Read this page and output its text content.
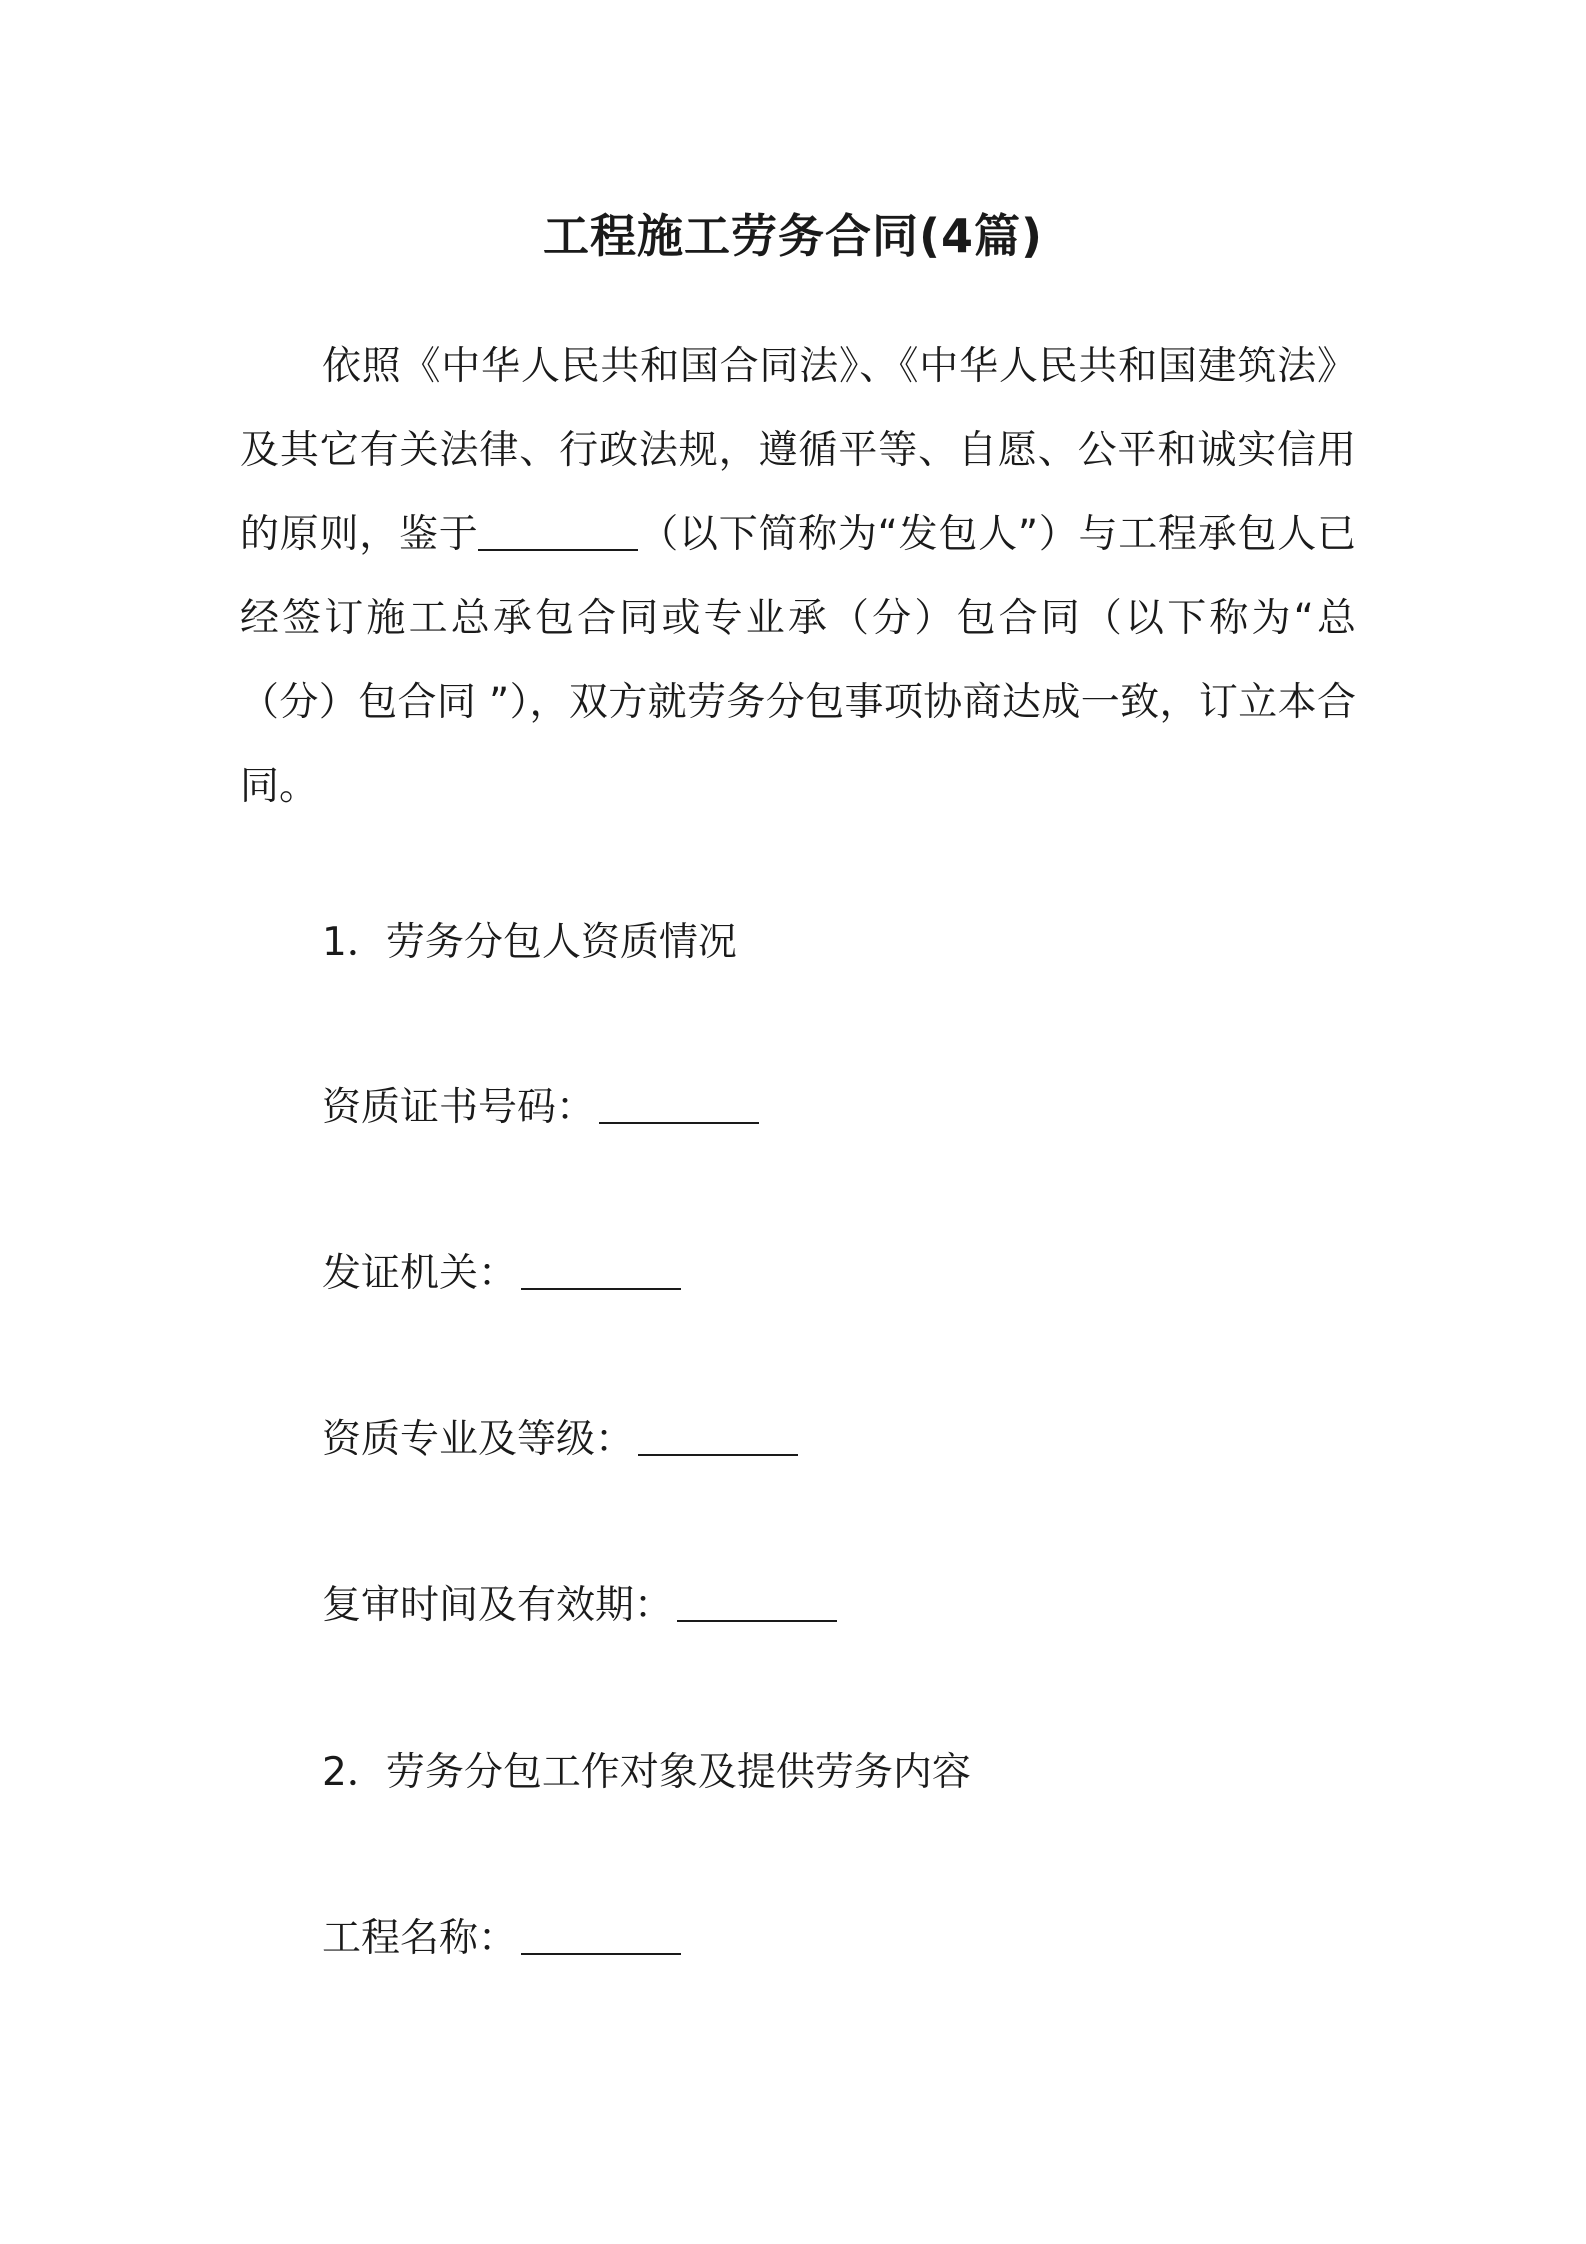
工程施工劳务合同(4篇)

依照《中华人民共和国合同法》、《中华人民共和国建筑法》及其它有关法律、行政法规，遵循平等、自愿、公平和诚实信用的原则，鉴于	（以下简称为“发包人”）与工程承包人已经签订施工总承包合同或专业承（分）包合同（以下称为“总（分）包合同 ”），双方就劳务分包事项协商达成一致，订立本合同。

1．劳务分包人资质情况
资质证书号码：
发证机关：
资质专业及等级：
复审时间及有效期：
2．劳务分包工作对象及提供劳务内容
工程名称：
